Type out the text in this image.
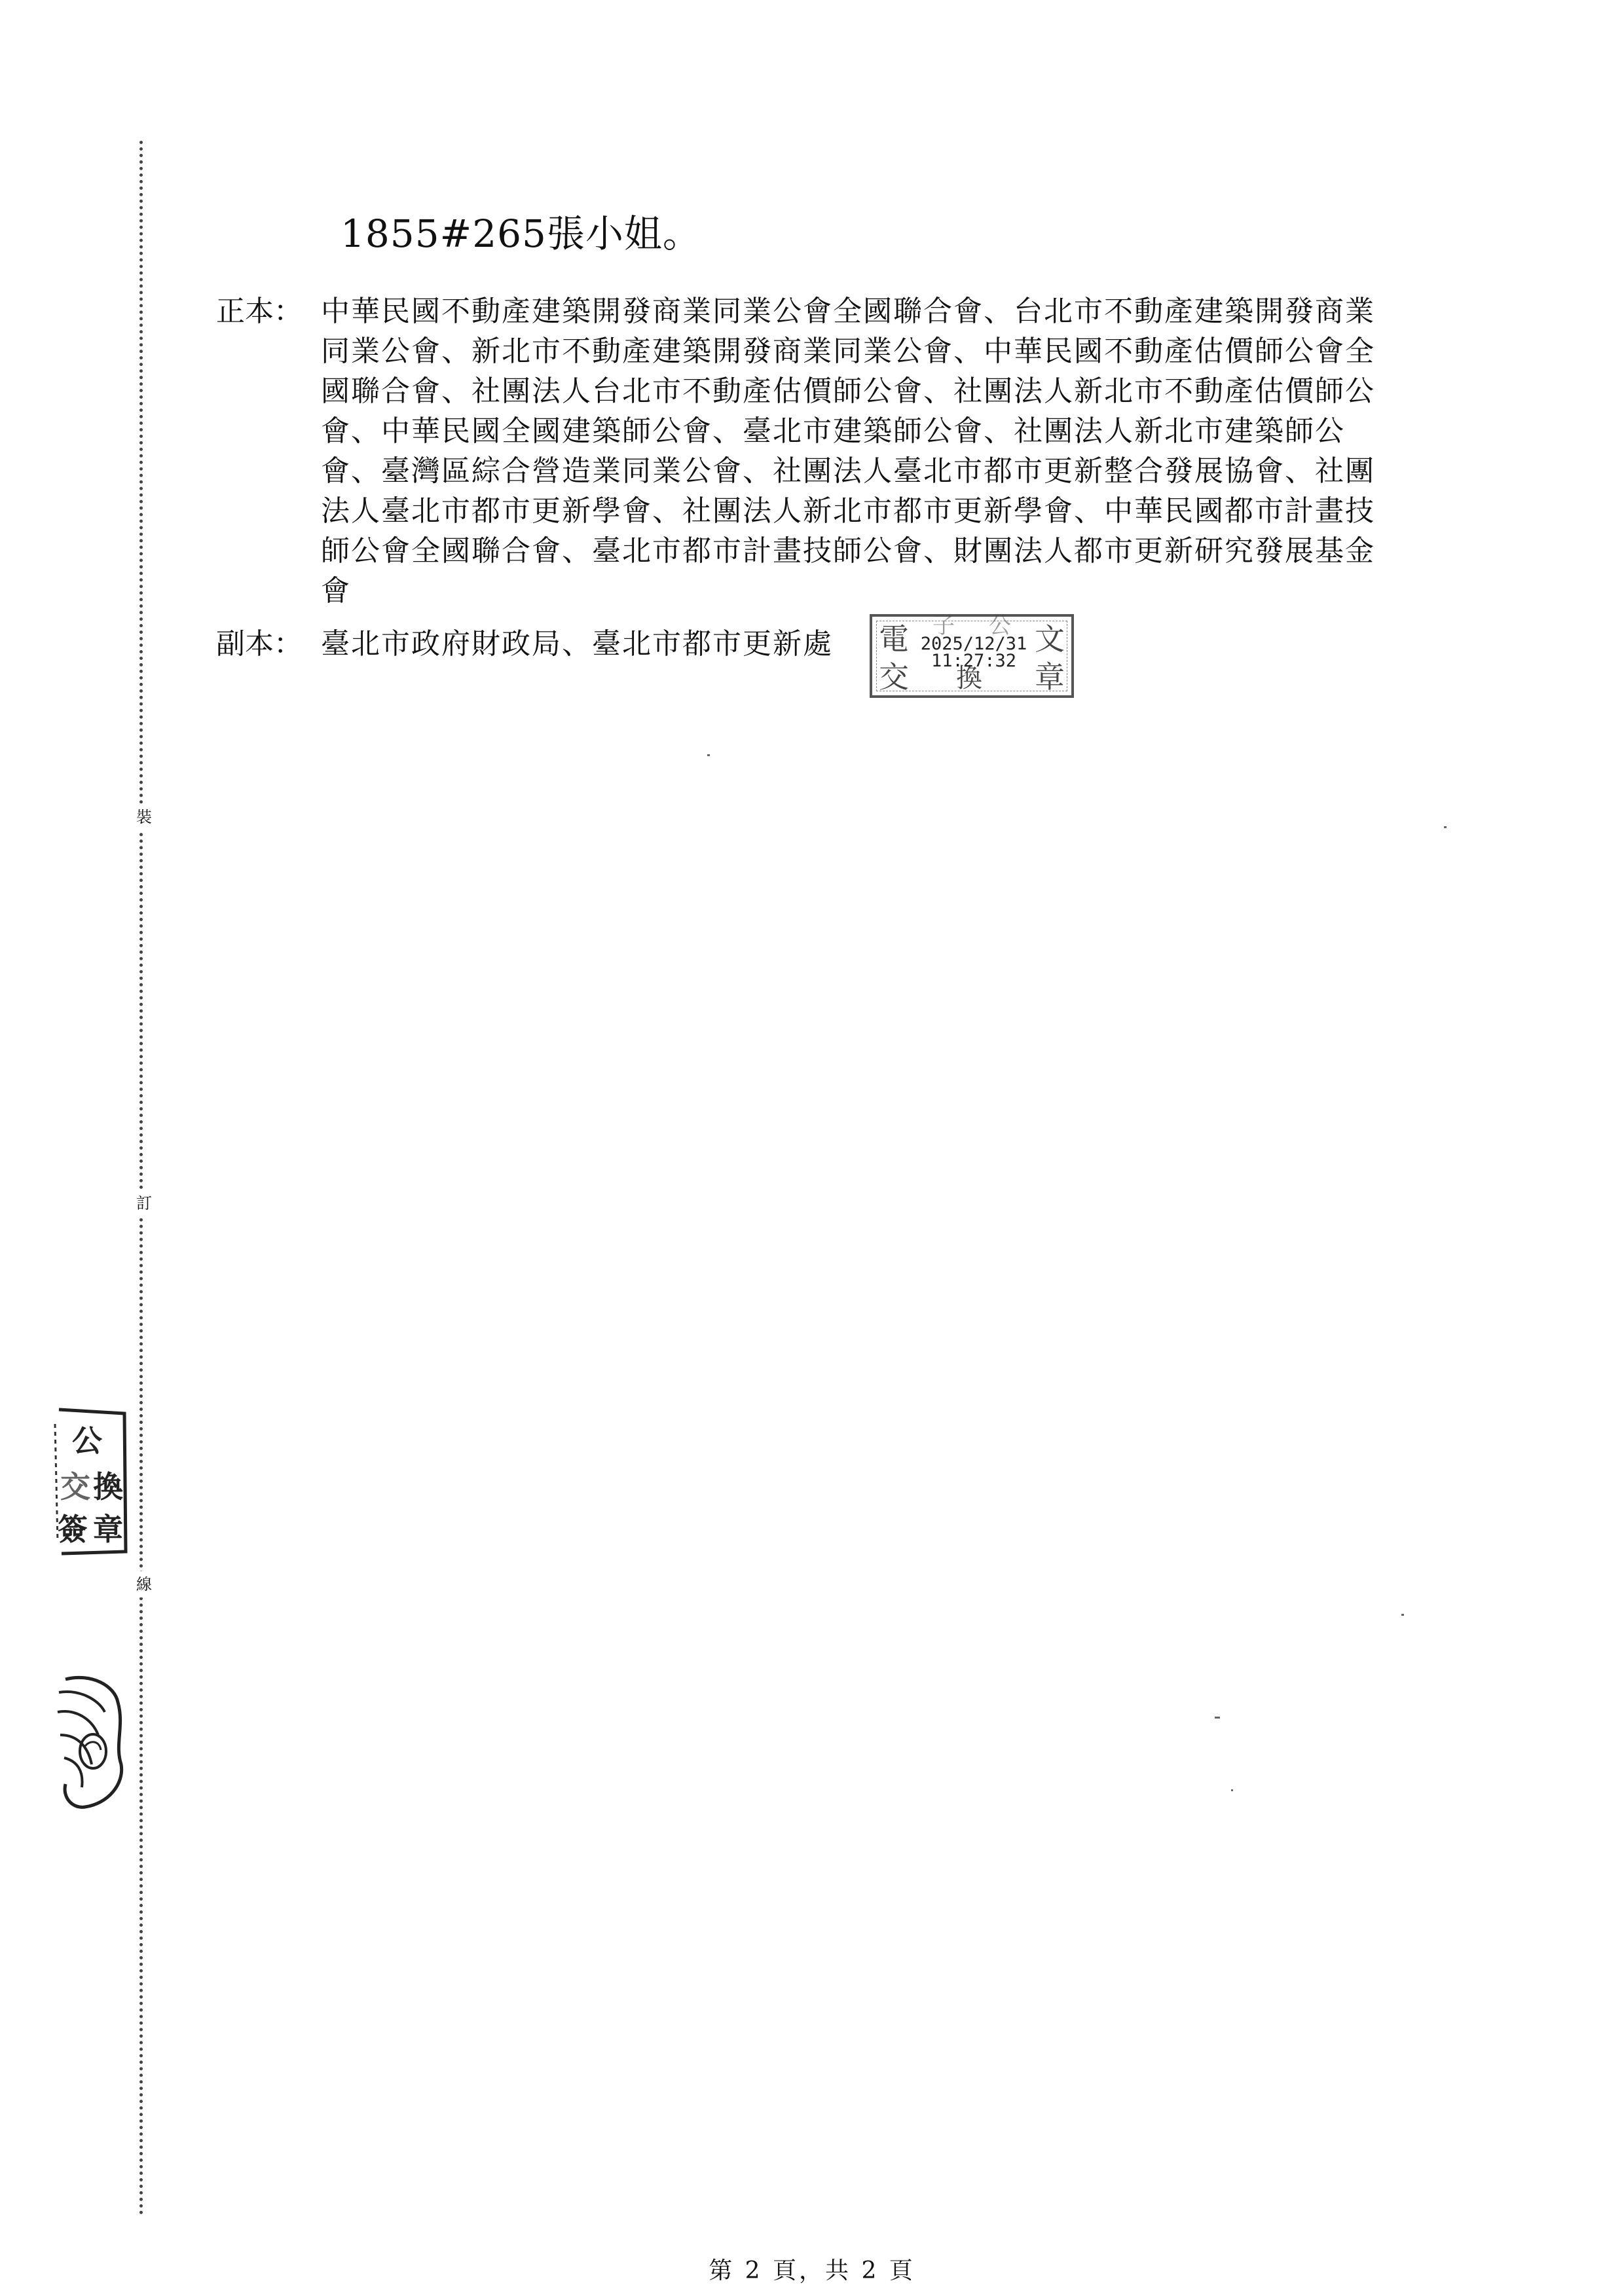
裝
訂
線
公
換
章
交
簽
1855#265張小姐。
正本： 中華民國不動產建築開發商業同業公會全國聯合會、台北市不動產建築開發商業
同業公會、新北市不動產建築開發商業同業公會、中華民國不動產估價師公會全
國聯合會、社團法人台北市不動產估價師公會、社團法人新北市不動產估價師公
會、中華民國全國建築師公會、臺北市建築師公會、社團法人新北市建築師公
會、臺灣區綜合營造業同業公會、社團法人臺北市都市更新整合發展協會、社團
法人臺北市都市更新學會、社團法人新北市都市更新學會、中華民國都市計畫技
師公會全國聯合會、臺北市都市計畫技師公會、財團法人都市更新研究發展基金
會
副本： 臺北市政府財政局、臺北市都市更新處	電 子 公 文
交 換 章
2025/12/31
11:27:32
第 2 頁，共 2 頁
